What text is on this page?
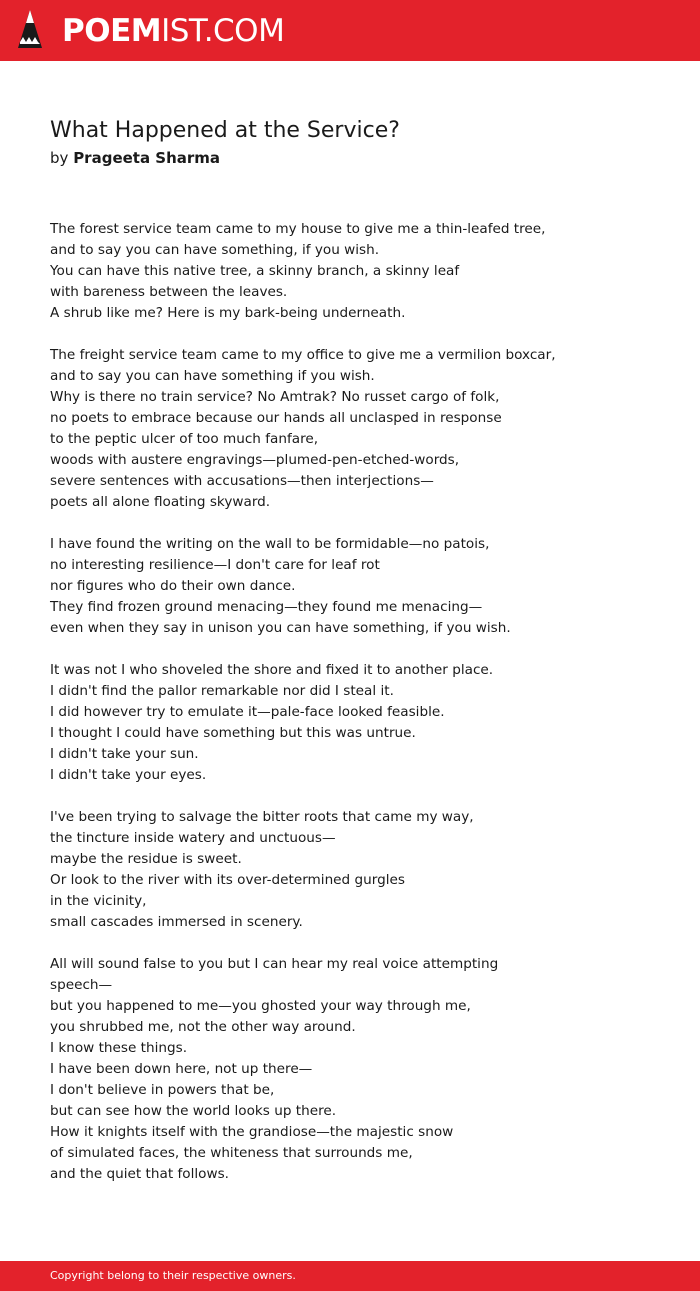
POEMIST.COM
What Happened at the Service?
by Prageeta Sharma
The forest service team came to my house to give me a thin-leafed tree,
and to say you can have something, if you wish.
You can have this native tree, a skinny branch, a skinny leaf
with bareness between the leaves.
A shrub like me? Here is my bark-being underneath.
The freight service team came to my office to give me a vermilion boxcar,
and to say you can have something if you wish.
Why is there no train service? No Amtrak? No russet cargo of folk,
no poets to embrace because our hands all unclasped in response
to the peptic ulcer of too much fanfare,
woods with austere engravings—plumed-pen-etched-words,
severe sentences with accusations—then interjections—
poets all alone floating skyward.
I have found the writing on the wall to be formidable—no patois,
no interesting resilience—I don't care for leaf rot
nor figures who do their own dance.
They find frozen ground menacing—they found me menacing—
even when they say in unison you can have something, if you wish.
It was not I who shoveled the shore and fixed it to another place.
I didn't find the pallor remarkable nor did I steal it.
I did however try to emulate it—pale-face looked feasible.
I thought I could have something but this was untrue.
I didn't take your sun.
I didn't take your eyes.
I've been trying to salvage the bitter roots that came my way,
the tincture inside watery and unctuous—
maybe the residue is sweet.
Or look to the river with its over-determined gurgles
in the vicinity,
small cascades immersed in scenery.
All will sound false to you but I can hear my real voice attempting
speech—
but you happened to me—you ghosted your way through me,
you shrubbed me, not the other way around.
I know these things.
I have been down here, not up there—
I don't believe in powers that be,
but can see how the world looks up there.
How it knights itself with the grandiose—the majestic snow
of simulated faces, the whiteness that surrounds me,
and the quiet that follows.
Copyright belong to their respective owners.
